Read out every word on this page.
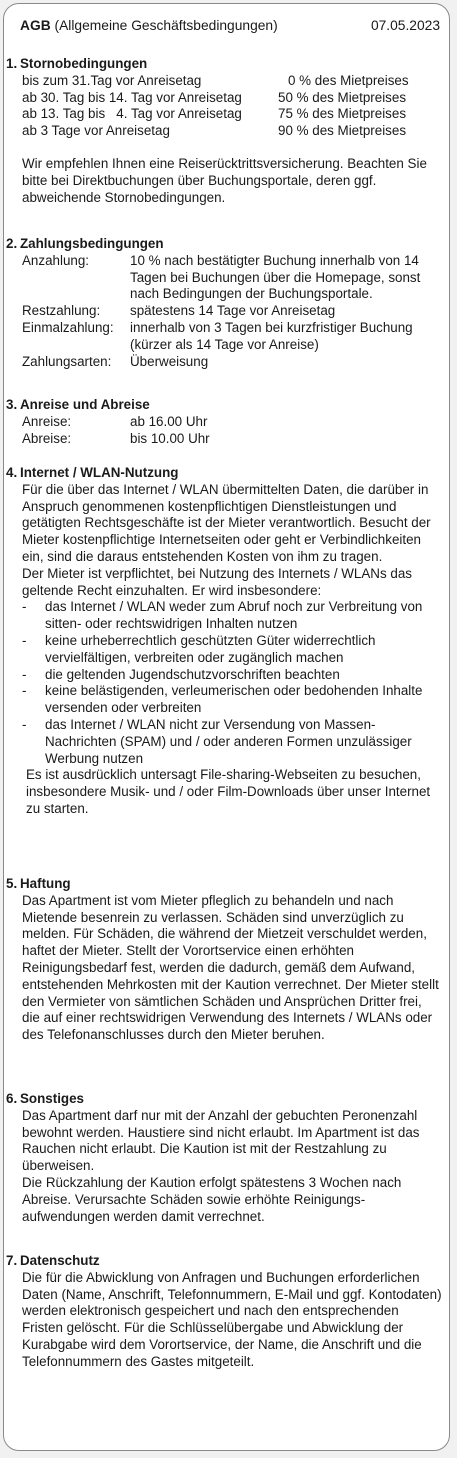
AGB (Allgemeine Geschäftsbedingungen)	07.05.2023
1. Stornobedingungen
bis zum 31.Tag vor Anreisetag	0 % des Mietpreises
ab 30. Tag bis 14. Tag vor Anreisetag	50 % des Mietpreises
ab 13. Tag bis   4. Tag vor Anreisetag	75 % des Mietpreises
ab 3 Tage vor Anreisetag	90 % des Mietpreises
Wir empfehlen Ihnen eine Reiserücktrittsversicherung. Beachten Sie bitte bei Direktbuchungen über Buchungsportale, deren ggf. abweichende Stornobedingungen.
2. Zahlungsbedingungen
Anzahlung:	10 % nach bestätigter Buchung innerhalb von 14 Tagen bei Buchungen über die Homepage, sonst nach Bedingungen der Buchungsportale.
Restzahlung:	spätestens 14 Tage vor Anreisetag
Einmalzahlung:	innerhalb von 3 Tagen bei kurzfristiger Buchung (kürzer als 14 Tage vor Anreise)
Zahlungsarten:	Überweisung
3. Anreise und Abreise
Anreise:	ab 16.00 Uhr
Abreise:	bis 10.00 Uhr
4. Internet / WLAN-Nutzung
Für die über das Internet / WLAN übermittelten Daten, die darüber in Anspruch genommenen kostenpflichtigen Dienstleistungen und getätigten Rechtsgeschäfte ist der Mieter verantwortlich. Besucht der Mieter kostenpflichtige Internetseiten oder geht er Verbindlichkeiten ein, sind die daraus entstehenden Kosten von ihm zu tragen.
Der Mieter ist verpflichtet, bei Nutzung des Internets / WLANs das geltende Recht einzuhalten. Er wird insbesondere:
-	das Internet / WLAN weder zum Abruf noch zur Verbreitung von sitten- oder rechtswidrigen Inhalten nutzen
-	keine urheberrechtlich geschützten Güter widerrechtlich vervielfältigen, verbreiten oder zugänglich machen
-	die geltenden Jugendschutzvorschriften beachten
-	keine belästigenden, verleumerischen oder bedohenden Inhalte versenden oder verbreiten
-	das Internet / WLAN nicht zur Versendung von Massen-Nachrichten (SPAM) und / oder anderen Formen unzulässiger Werbung nutzen
Es ist ausdrücklich untersagt File-sharing-Webseiten zu besuchen, insbesondere Musik- und / oder Film-Downloads über unser Internet zu starten.
5. Haftung
Das Apartment ist vom Mieter pfleglich zu behandeln und nach Mietende besenrein zu verlassen. Schäden sind unverzüglich zu melden. Für Schäden, die während der Mietzeit verschuldet werden, haftet der Mieter. Stellt der Vorortservice einen erhöhten Reinigungsbedarf fest, werden die dadurch, gemäß dem Aufwand, entstehenden Mehrkosten mit der Kaution verrechnet. Der Mieter stellt den Vermieter von sämtlichen Schäden und Ansprüchen Dritter frei, die auf einer rechtswidrigen Verwendung des Internets / WLANs oder des Telefonanschlusses durch den Mieter beruhen.
6. Sonstiges
Das Apartment darf nur mit der Anzahl der gebuchten Peronenzahl bewohnt werden. Haustiere sind nicht erlaubt. Im Apartment ist das Rauchen nicht erlaubt. Die Kaution ist mit der Restzahlung zu überweisen.
Die Rückzahlung der Kaution erfolgt spätestens 3 Wochen nach Abreise. Verursachte Schäden sowie erhöhte Reinigungs-aufwendungen werden damit verrechnet.
7. Datenschutz
Die für die Abwicklung von Anfragen und Buchungen erforderlichen Daten (Name, Anschrift, Telefonnummern, E-Mail und ggf. Kontodaten) werden elektronisch gespeichert und nach den entsprechenden Fristen gelöscht. Für die Schlüsselübergabe und Abwicklung der Kurabgabe wird dem Vorortservice, der Name, die Anschrift und die Telefonnummern des Gastes mitgeteilt.
